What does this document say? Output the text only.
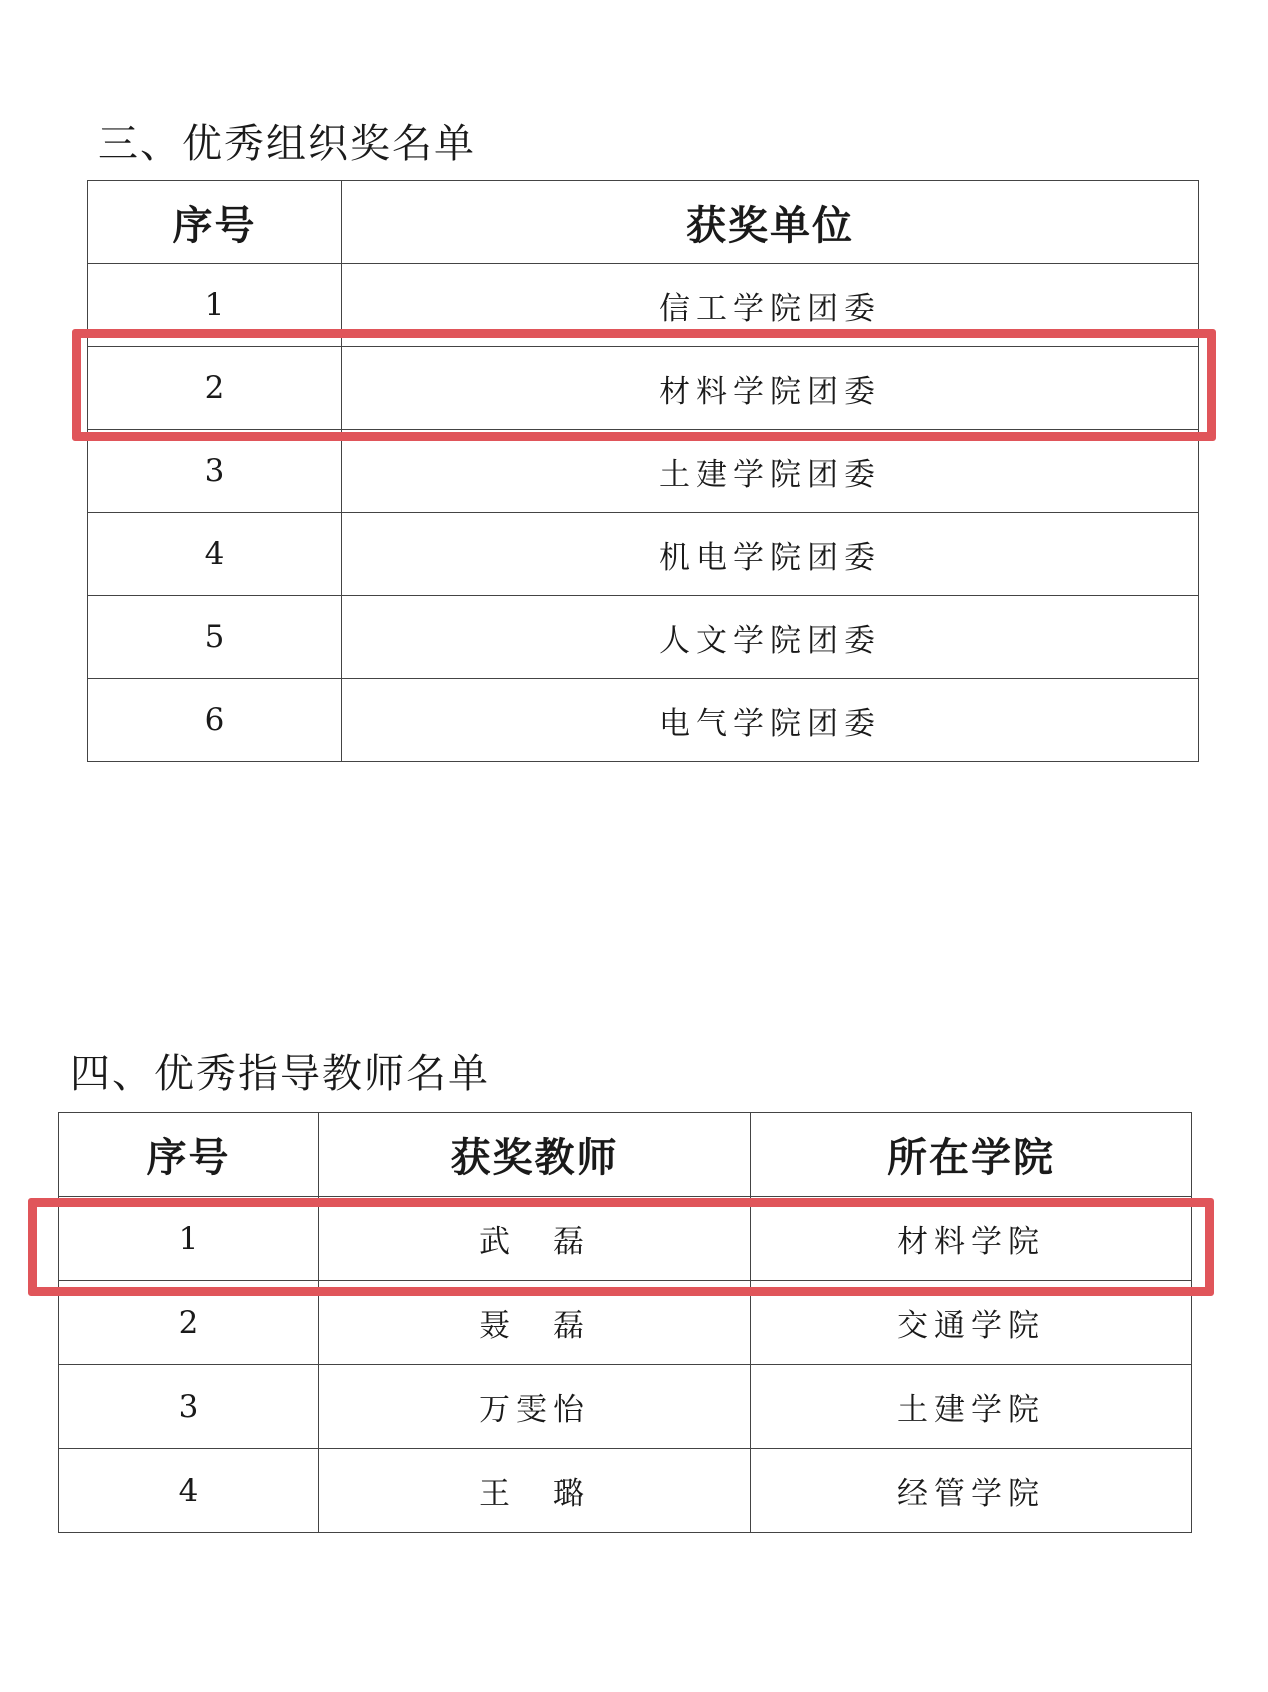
三、优秀组织奖名单
序号	获奖单位
1	信工学院团委
2	材料学院团委
3	土建学院团委
4	机电学院团委
5	人文学院团委
6	电气学院团委
四、优秀指导教师名单
序号	获奖教师	所在学院
1	武　磊	材料学院
2	聂　磊	交通学院
3	万雯怡	土建学院
4	王　璐	经管学院
